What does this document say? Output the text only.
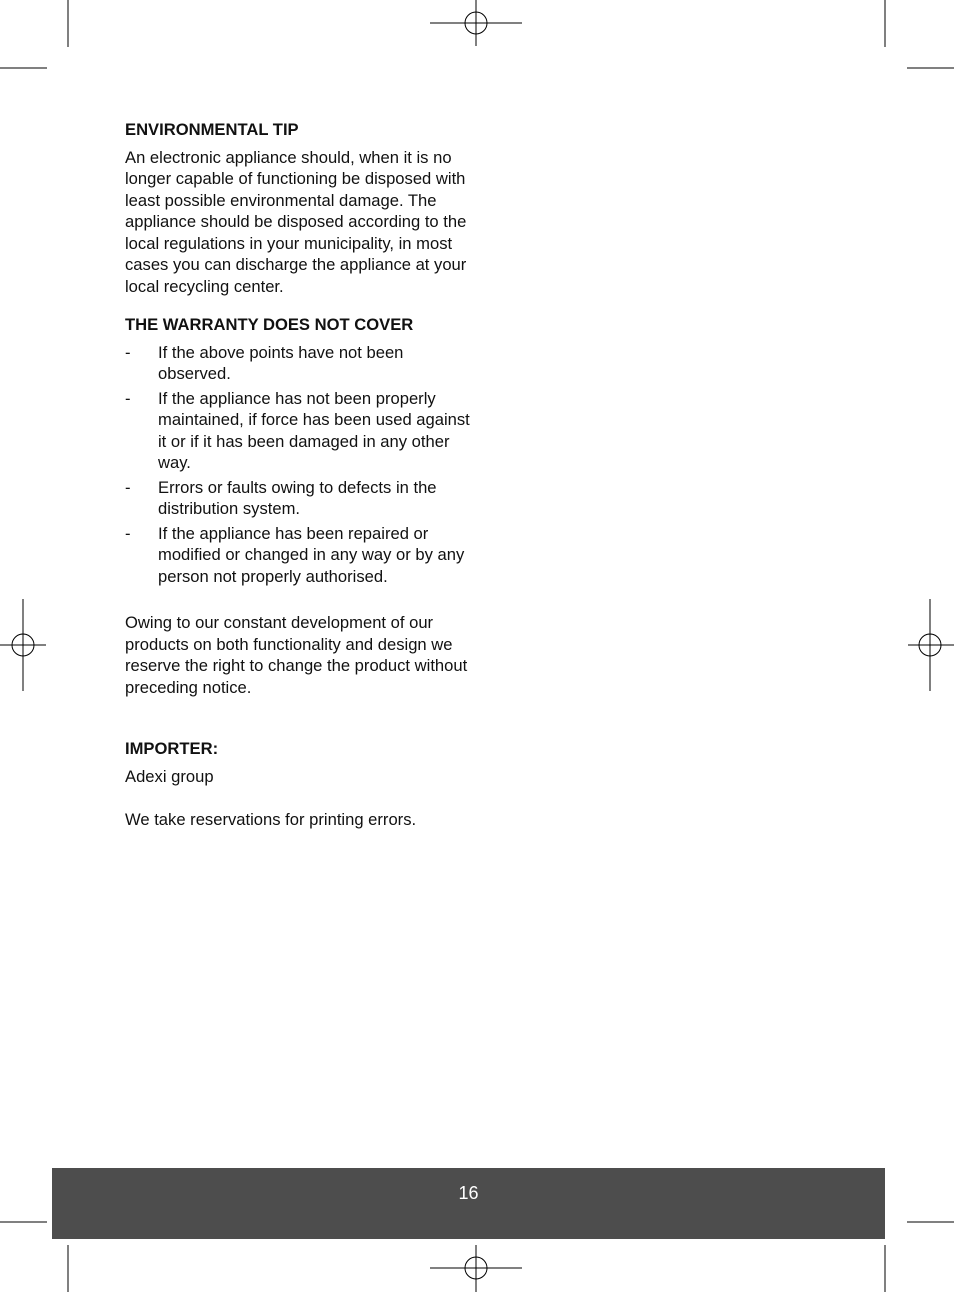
ENVIRONMENTAL TIP

An electronic appliance should, when it is no longer capable of functioning be disposed with least possible environmental damage. The appliance should be disposed according to the local regulations in your municipality, in most cases you can discharge the appliance at your local recycling center.

THE WARRANTY DOES NOT COVER
-	If the above points have not been observed.
-	If the appliance has not been properly maintained, if force has been used against it or if it has been damaged in any other way.
-	Errors or faults owing to defects in the distribution system.
-	If the appliance has been repaired or modified or changed in any way or by any person not properly authorised.

Owing to our constant development of our products on both functionality and design we reserve the right to change the product without preceding notice.

IMPORTER:

Adexi group

We take reservations for printing errors.

16
